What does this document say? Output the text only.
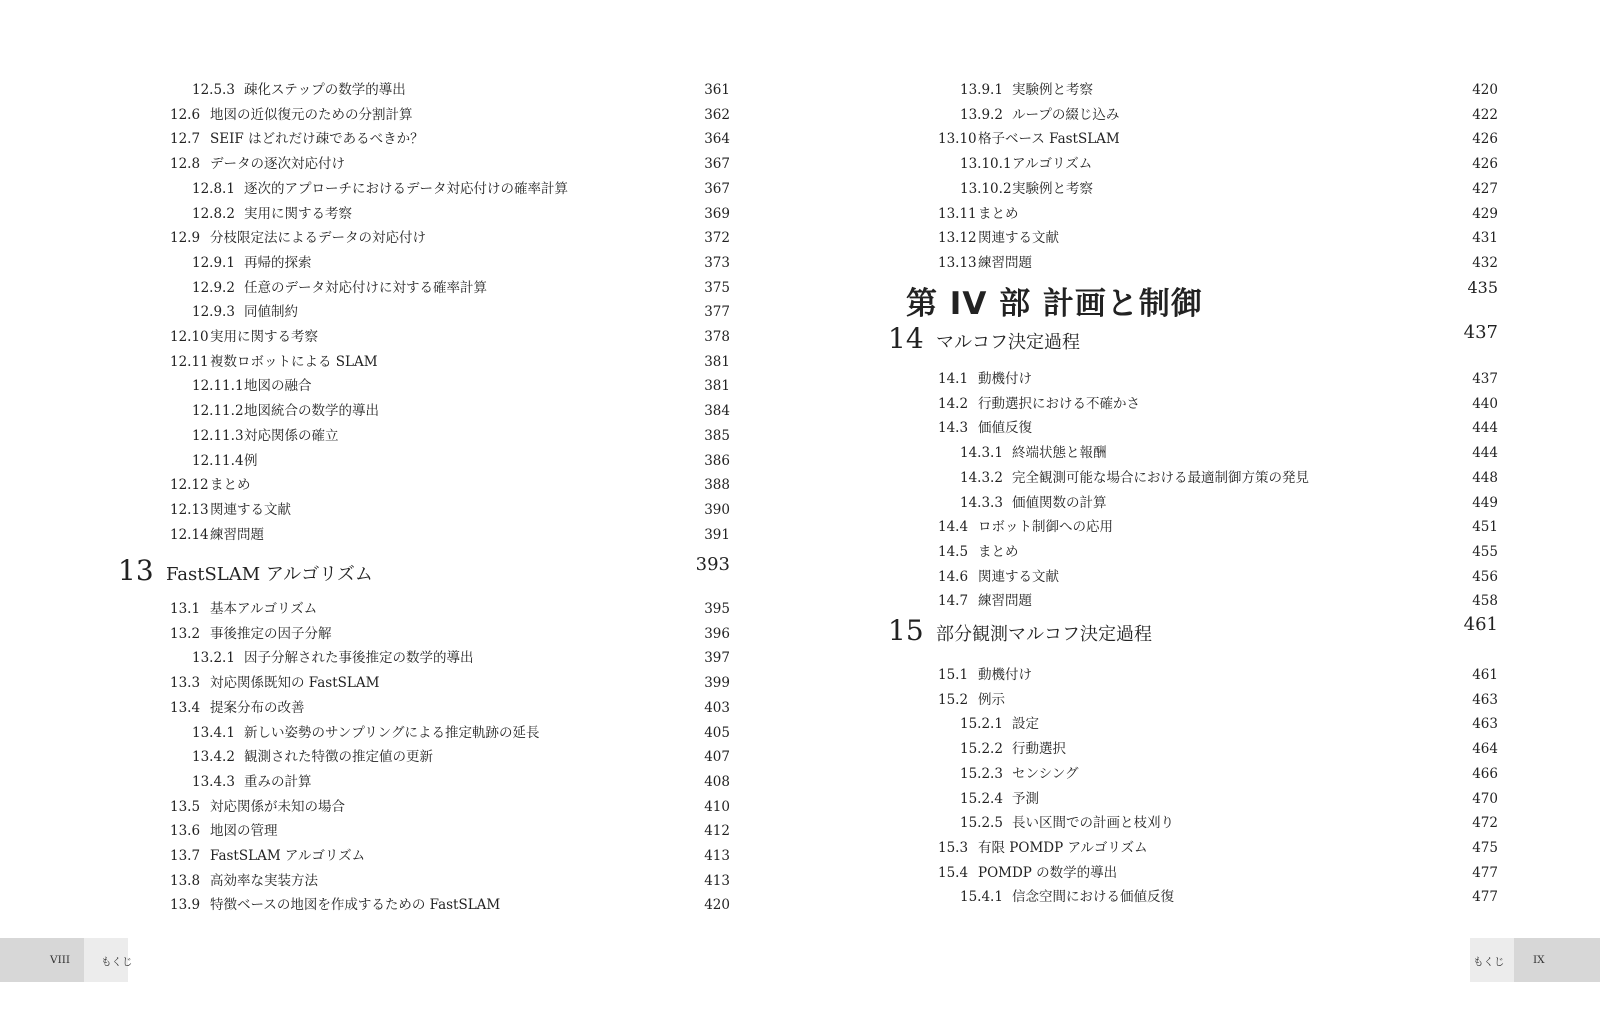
12.5.3 疎化ステップの数学的導出	361
12.6 地図の近似復元のための分割計算	362
12.7 SEIF はどれだけ疎であるべきか？	364
12.8 データの逐次対応付け	367
12.8.1 逐次的アプローチにおけるデータ対応付けの確率計算	367
12.8.2 実用に関する考察	369
12.9 分枝限定法によるデータの対応付け	372
12.9.1 再帰的探索	373
12.9.2 任意のデータ対応付けに対する確率計算	375
12.9.3 同値制約	377
12.10 実用に関する考察	378
12.11 複数ロボットによる SLAM	381
12.11.1 地図の融合	381
12.11.2 地図統合の数学的導出	384
12.11.3 対応関係の確立	385
12.11.4 例	386
12.12 まとめ	388
12.13 関連する文献	390
12.14 練習問題	391
13 FastSLAM アルゴリズム	393
13.1 基本アルゴリズム	395
13.2 事後推定の因子分解	396
13.2.1 因子分解された事後推定の数学的導出	397
13.3 対応関係既知の FastSLAM	399
13.4 提案分布の改善	403
13.4.1 新しい姿勢のサンプリングによる推定軌跡の延長	405
13.4.2 観測された特徴の推定値の更新	407
13.4.3 重みの計算	408
13.5 対応関係が未知の場合	410
13.6 地図の管理	412
13.7 FastSLAM アルゴリズム	413
13.8 高効率な実装方法	413
13.9 特徴ベースの地図を作成するための FastSLAM	420
VIII	もくじ
13.9.1 実験例と考察	420
13.9.2 ループの綴じ込み	422
13.10 格子ベース FastSLAM	426
13.10.1 アルゴリズム	426
13.10.2 実験例と考察	427
13.11 まとめ	429
13.12 関連する文献	431
13.13 練習問題	432
第 IV 部 計画と制御	435
14 マルコフ決定過程	437
14.1 動機付け	437
14.2 行動選択における不確かさ	440
14.3 価値反復	444
14.3.1 終端状態と報酬	444
14.3.2 完全観測可能な場合における最適制御方策の発見	448
14.3.3 価値関数の計算	449
14.4 ロボット制御への応用	451
14.5 まとめ	455
14.6 関連する文献	456
14.7 練習問題	458
15 部分観測マルコフ決定過程	461
15.1 動機付け	461
15.2 例示	463
15.2.1 設定	463
15.2.2 行動選択	464
15.2.3 センシング	466
15.2.4 予測	470
15.2.5 長い区間での計画と枝刈り	472
15.3 有限 POMDP アルゴリズム	475
15.4 POMDP の数学的導出	477
15.4.1 信念空間における価値反復	477
もくじ	IX
